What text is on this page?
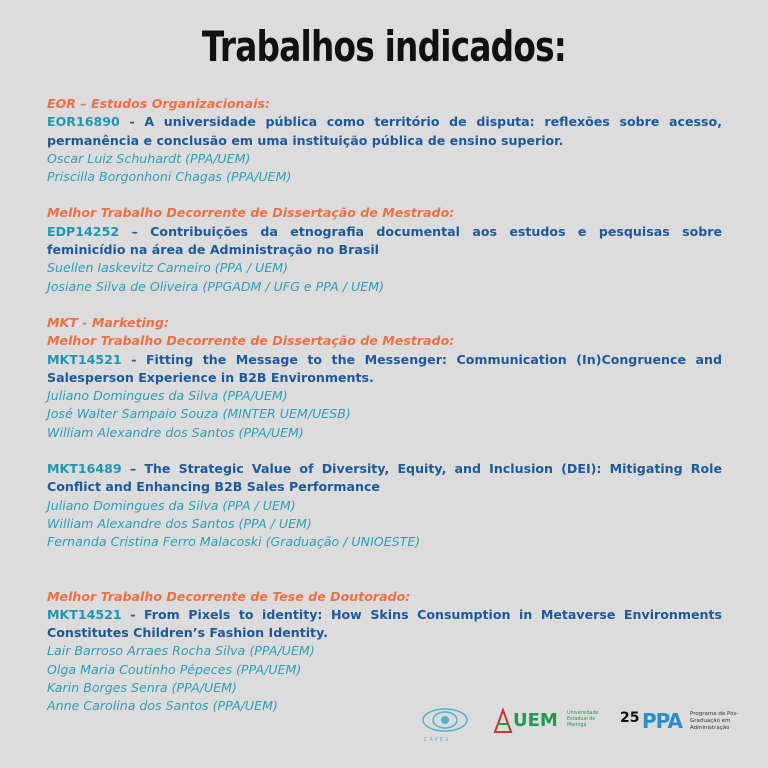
Trabalhos indicados:
EOR – Estudos Organizacionais:
EOR16890 - A universidade pública como território de disputa: reflexões sobre acesso, permanência e conclusão em uma instituição pública de ensino superior.
Oscar Luiz Schuhardt (PPA/UEM)
Priscilla Borgonhoni Chagas (PPA/UEM)
Melhor Trabalho Decorrente de Dissertação de Mestrado:
EDP14252 – Contribuições da etnografia documental aos estudos e pesquisas sobre feminicídio na área de Administração no Brasil
Suellen Iaskevitz Carneiro (PPA / UEM)
Josiane Silva de Oliveira (PPGADM / UFG e PPA / UEM)
MKT - Marketing:
Melhor Trabalho Decorrente de Dissertação de Mestrado:
MKT14521 - Fitting the Message to the Messenger: Communication (In)Congruence and Salesperson Experience in B2B Environments.
Juliano Domingues da Silva (PPA/UEM)
José Walter Sampaio Souza (MINTER UEM/UESB)
William Alexandre dos Santos (PPA/UEM)
MKT16489 – The Strategic Value of Diversity, Equity, and Inclusion (DEI): Mitigating Role Conflict and Enhancing B2B Sales Performance
Juliano Domingues da Silva (PPA / UEM)
William Alexandre dos Santos (PPA / UEM)
Fernanda Cristina Ferro Malacoski (Graduação / UNIOESTE)
Melhor Trabalho Decorrente de Tese de Doutorado:
MKT14521 - From Pixels to identity: How Skins Consumption in Metaverse Environments Constitutes Children’s Fashion Identity.
Lair Barroso Arraes Rocha Silva (PPA/UEM)
Olga Maria Coutinho Pépeces (PPA/UEM)
Karin Borges Senra (PPA/UEM)
Anne Carolina dos Santos (PPA/UEM)
CAPES
UEM Universidade Estadual de Maringá	25 PPA Programa de Pós-Graduação em Administração
